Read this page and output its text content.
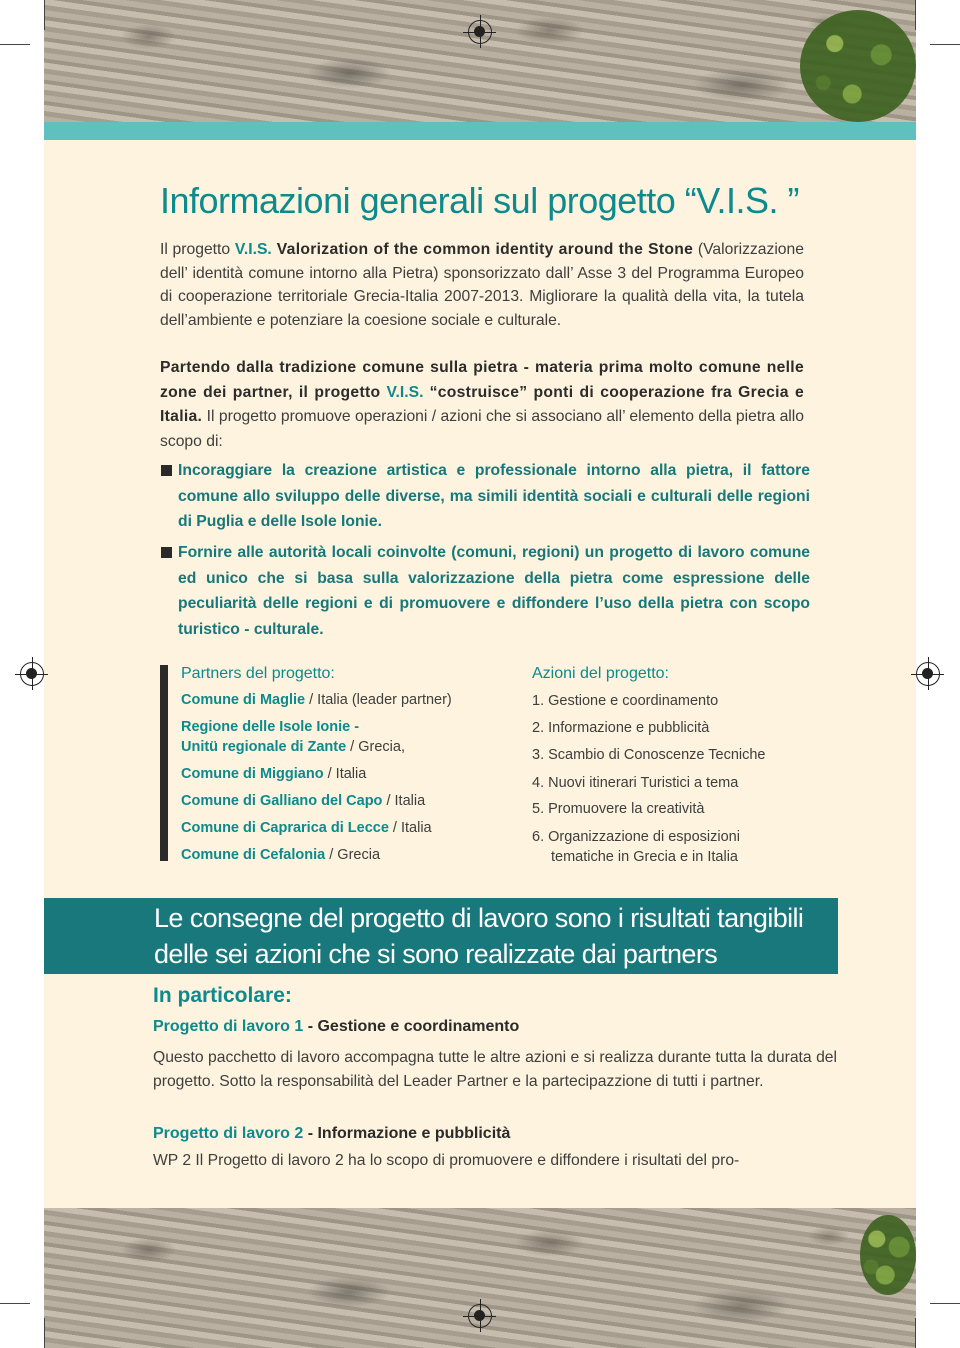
Informazioni generali sul progetto “V.I.S. ”
Il progetto V.I.S. Valorization of the common identity around the Stone (Valorizzazione dell’ identità comune intorno alla Pietra) sponsorizzato dall’ Asse 3 del Programma Europeo di cooperazione territoriale Grecia-Italia 2007-2013. Migliorare la qualità della vita, la tutela dell’ambiente e potenziare la coesione sociale e culturale.
Partendo dalla tradizione comune sulla pietra - materia prima molto comune nelle zone dei partner, il progetto V.I.S. “costruisce” ponti di cooperazione fra Grecia e Italia. Il progetto promuove operazioni / azioni che si associano all’ elemento della pietra allo scopo di:
Incoraggiare la creazione artistica e professionale intorno alla pietra, il fattore comune allo sviluppo delle diverse, ma simili identità sociali e culturali delle regioni di Puglia e delle Isole Ionie.
Fornire alle autorità locali coinvolte (comuni, regioni) un progetto di lavoro comune ed unico che si basa sulla valorizzazione della pietra come espressione delle peculiarità delle regioni e di promuovere e diffondere l’uso della pietra con scopo turistico - culturale.
Partners del progetto:
Comune di Maglie / Italia (leader partner)
Regione delle Isole Ionie -
Unitü regionale di Zante / Grecia,
Comune di Miggiano / Italia
Comune di Galliano del Capo / Italia
Comune di Caprarica di Lecce / Italia
Comune di Cefalonia / Grecia
Azioni del progetto:
1. Gestione e coordinamento
2. Informazione e pubblicità
3. Scambio di Conoscenze Tecniche
4. Nuovi itinerari Turistici a tema
5. Promuovere la creatività
6. Organizzazione di esposizioni
tematiche in Grecia e in Italia
Le consegne del progetto di lavoro sono i risultati tangibili
delle sei azioni che si sono realizzate dai partners
In particolare:
Progetto di lavoro 1 - Gestione e coordinamento
Questo pacchetto di lavoro accompagna tutte le altre azioni e si realizza durante tutta la durata del progetto. Sotto la responsabilità del Leader Partner e la partecipazzione di tutti i partner.
Progetto di lavoro 2 - Informazione e pubblicità
WP 2 Il Progetto di lavoro 2 ha lo scopo di promuovere e diffondere i risultati del pro-
